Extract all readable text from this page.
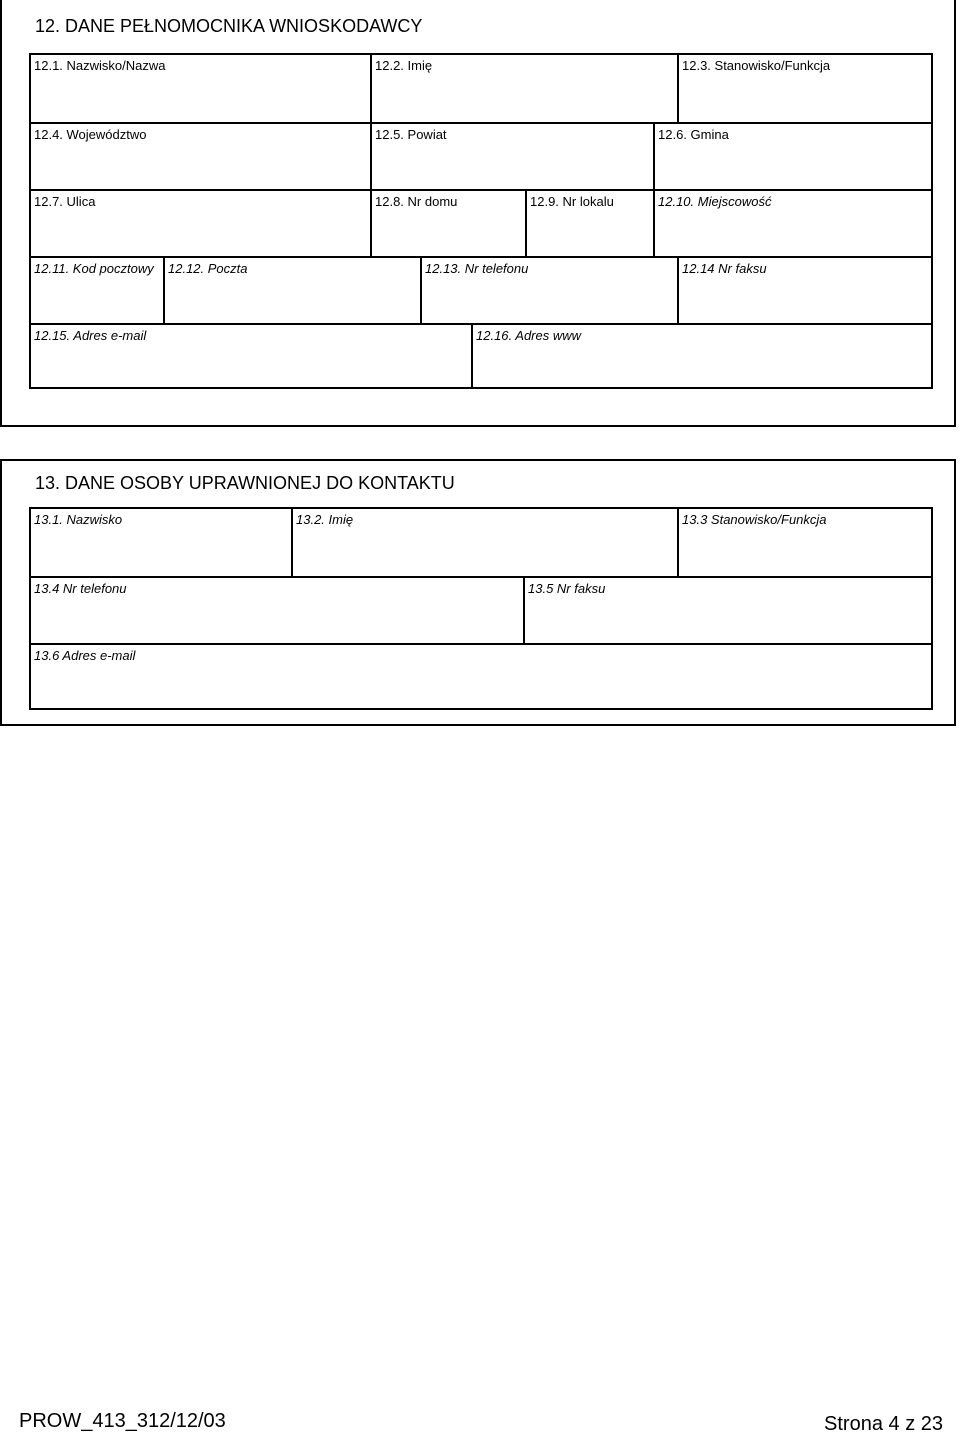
12. DANE PEŁNOMOCNIKA WNIOSKODAWCY
12.1. Nazwisko/Nazwa	12.2. Imię	12.3. Stanowisko/Funkcja
12.4. Województwo	12.5. Powiat	12.6. Gmina
12.7. Ulica	12.8. Nr domu	12.9. Nr lokalu	12.10. Miejscowość
12.11. Kod pocztowy 12.12. Poczta	12.13. Nr telefonu	12.14 Nr faksu
12.15. Adres e-mail	12.16. Adres www
13. DANE OSOBY UPRAWNIONEJ DO KONTAKTU
13.1. Nazwisko	13.2. Imię	13.3 Stanowisko/Funkcja
13.4 Nr telefonu	13.5 Nr faksu
13.6 Adres e-mail
PROW_413_312/12/03	Strona 4 z 23
